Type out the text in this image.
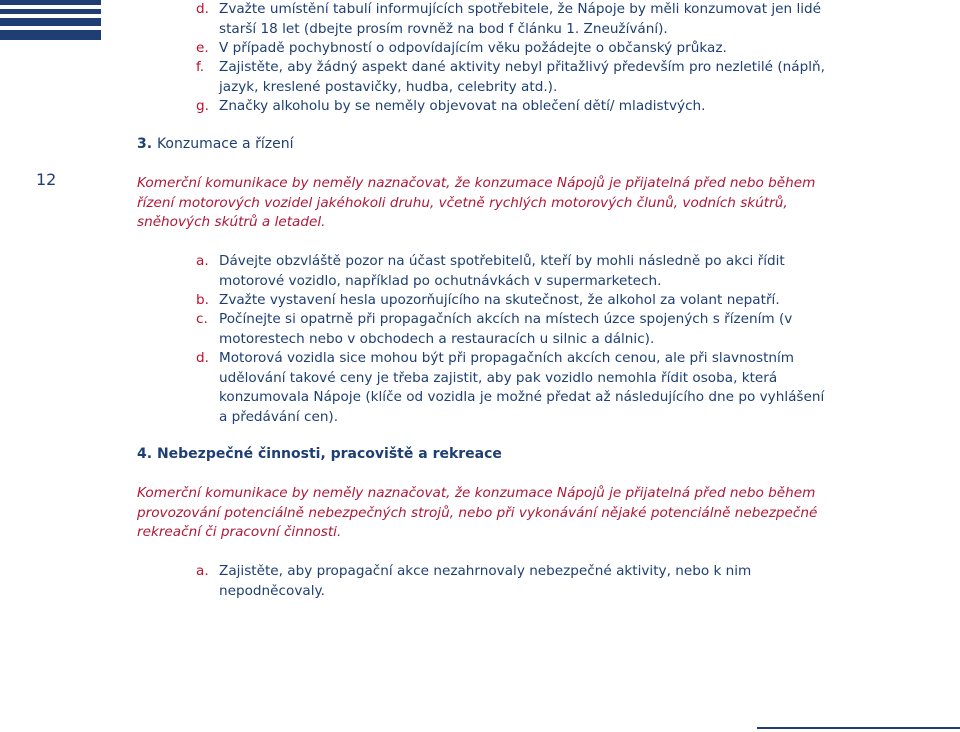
12
d. Zvažte umístění tabulí informujících spotřebitele, že Nápoje by měli konzumovat jen lidé starší 18 let (dbejte prosím rovněž na bod f článku 1. Zneužívání).
e. V případě pochybností o odpovídajícím věku požádejte o občanský průkaz.
f. Zajistěte, aby žádný aspekt dané aktivity nebyl přitažlivý především pro nezletilé (náplň, jazyk, kreslené postavičky, hudba, celebrity atd.).
g. Značky alkoholu by se neměly objevovat na oblečení dětí/ mladistvých.
3. Konzumace a řízení
Komerční komunikace by neměly naznačovat, že konzumace Nápojů je přijatelná před nebo během řízení motorových vozidel jakéhokoli druhu, včetně rychlých motorových člunů, vodních skútrů, sněhových skútrů a letadel.
a. Dávejte obzvláště pozor na účast spotřebitelů, kteří by mohli následně po akci řídit motorové vozidlo, například po ochutnávkách v supermarketech.
b. Zvažte vystavení hesla upozorňujícího na skutečnost, že alkohol za volant nepatří.
c. Počínejte si opatrně při propagačních akcích na místech úzce spojených s řízením (v motorestech nebo v obchodech a restauracích u silnic a dálnic).
d. Motorová vozidla sice mohou být při propagačních akcích cenou, ale při slavnostním udělování takové ceny je třeba zajistit, aby pak vozidlo nemohla řídit osoba, která konzumovala Nápoje (klíče od vozidla je možné předat až následujícího dne po vyhlášení a předávání cen).
4. Nebezpečné činnosti, pracoviště a rekreace
Komerční komunikace by neměly naznačovat, že konzumace Nápojů je přijatelná před nebo během provozování potenciálně nebezpečných strojů, nebo při vykonávání nějaké potenciálně nebezpečné rekreační či pracovní činnosti.
a. Zajistěte, aby propagační akce nezahrnovaly nebezpečné aktivity, nebo k nim nepodněcovaly.
